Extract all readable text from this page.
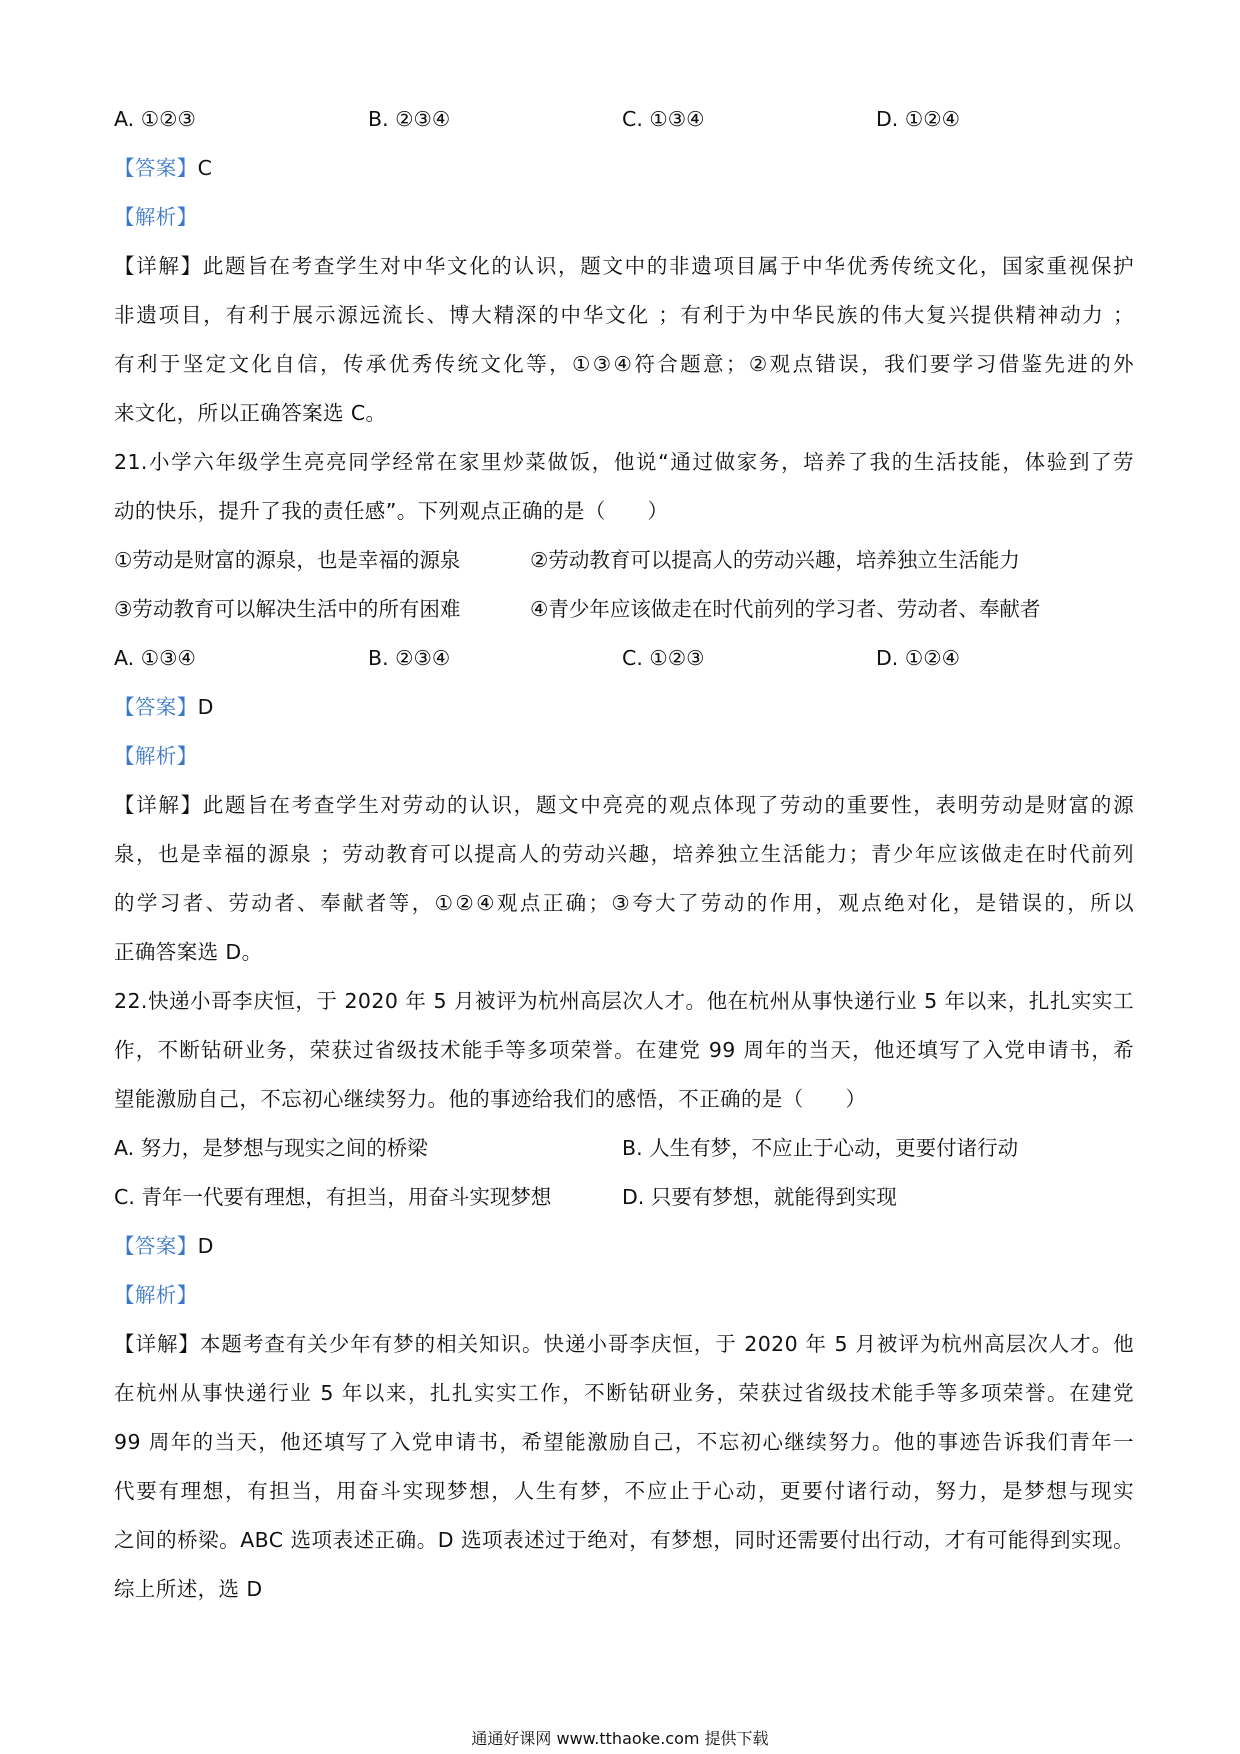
A. ①②③	B. ②③④	C. ①③④	D. ①②④
【答案】C
【解析】
【详解】此题旨在考查学生对中华文化的认识，题文中的非遗项目属于中华优秀传统文化，国家重视保护
非遗项目，有利于展示源远流长、博大精深的中华文化 ；有利于为中华民族的伟大复兴提供精神动力 ；
有利于坚定文化自信，传承优秀传统文化等，①③④符合题意；②观点错误，我们要学习借鉴先进的外
来文化，所以正确答案选 C。
21.小学六年级学生亮亮同学经常在家里炒菜做饭，他说“通过做家务，培养了我的生活技能，体验到了劳
动的快乐，提升了我的责任感”。下列观点正确的是（　　）
①劳动是财富的源泉，也是幸福的源泉	②劳动教育可以提高人的劳动兴趣，培养独立生活能力
③劳动教育可以解决生活中的所有困难	④青少年应该做走在时代前列的学习者、劳动者、奉献者
A. ①③④	B. ②③④	C. ①②③	D. ①②④
【答案】D
【解析】
【详解】此题旨在考查学生对劳动的认识，题文中亮亮的观点体现了劳动的重要性，表明劳动是财富的源
泉，也是幸福的源泉 ；劳动教育可以提高人的劳动兴趣，培养独立生活能力；青少年应该做走在时代前列
的学习者、劳动者、奉献者等，①②④观点正确；③夸大了劳动的作用，观点绝对化，是错误的，所以
正确答案选 D。
22.快递小哥李庆恒，于 2020 年 5 月被评为杭州高层次人才。他在杭州从事快递行业 5 年以来，扎扎实实工
作，不断钻研业务，荣获过省级技术能手等多项荣誉。在建党 99 周年的当天，他还填写了入党申请书，希
望能激励自己，不忘初心继续努力。他的事迹给我们的感悟，不正确的是（　　）
A. 努力，是梦想与现实之间的桥梁	B. 人生有梦，不应止于心动，更要付诸行动
C. 青年一代要有理想，有担当，用奋斗实现梦想	D. 只要有梦想，就能得到实现
【答案】D
【解析】
【详解】本题考查有关少年有梦的相关知识。快递小哥李庆恒，于 2020 年 5 月被评为杭州高层次人才。他
在杭州从事快递行业 5 年以来，扎扎实实工作，不断钻研业务，荣获过省级技术能手等多项荣誉。在建党
99 周年的当天，他还填写了入党申请书，希望能激励自己，不忘初心继续努力。他的事迹告诉我们青年一
代要有理想，有担当，用奋斗实现梦想，人生有梦，不应止于心动，更要付诸行动，努力，是梦想与现实
之间的桥梁。ABC 选项表述正确。D 选项表述过于绝对，有梦想，同时还需要付出行动，才有可能得到实现。
综上所述，选 D
通通好课网 www.tthaoke.com 提供下载
